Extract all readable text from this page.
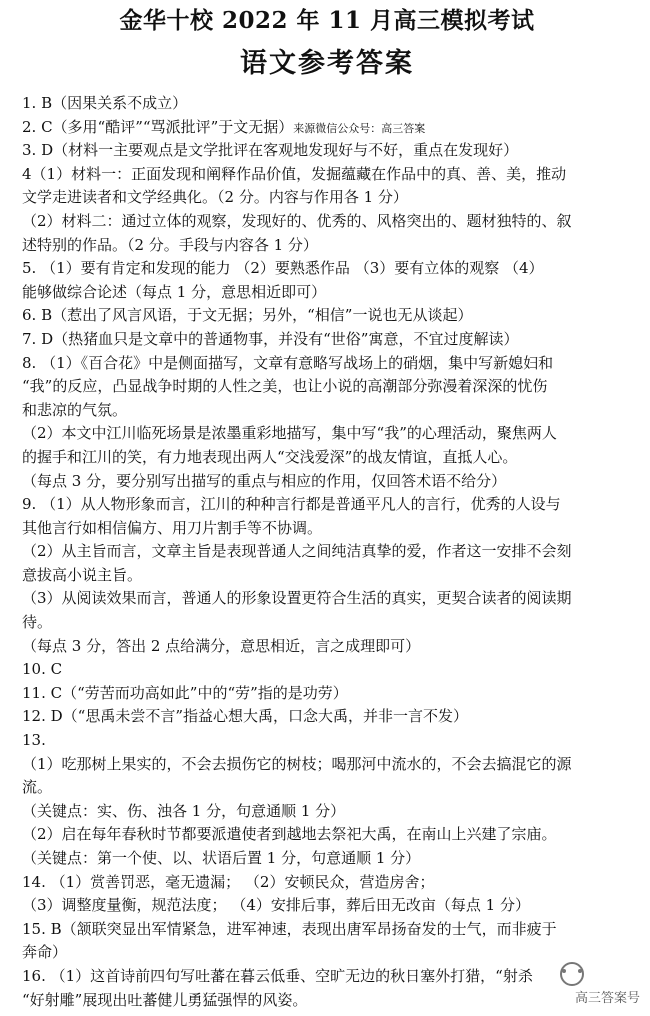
金华十校 2022 年 11 月高三模拟考试
语文参考答案
1. B（因果关系不成立）
2. C（多用“酷评”“骂派批评”于文无据）来源微信公众号：高三答案
3. D（材料一主要观点是文学批评在客观地发现好与不好，重点在发现好）
4（1）材料一：正面发现和阐释作品价值，发掘蕴藏在作品中的真、善、美，推动
文学走进读者和文学经典化。（2 分。内容与作用各 1 分）
（2）材料二：通过立体的观察，发现好的、优秀的、风格突出的、题材独特的、叙
述特别的作品。（2 分。手段与内容各 1 分）
5. （1）要有肯定和发现的能力 （2）要熟悉作品 （3）要有立体的观察 （4）
能够做综合论述（每点 1 分，意思相近即可）
6. B（惹出了风言风语，于文无据；另外，“相信”一说也无从谈起）
7. D（热猪血只是文章中的普通物事，并没有“世俗”寓意，不宜过度解读）
8. （1）《百合花》中是侧面描写，文章有意略写战场上的硝烟，集中写新媳妇和
“我”的反应，凸显战争时期的人性之美，也让小说的高潮部分弥漫着深深的忧伤
和悲凉的气氛。
（2）本文中江川临死场景是浓墨重彩地描写，集中写“我”的心理活动，聚焦两人
的握手和江川的笑，有力地表现出两人“交浅爱深”的战友情谊，直抵人心。
（每点 3 分，要分别写出描写的重点与相应的作用，仅回答术语不给分）
9. （1）从人物形象而言，江川的种种言行都是普通平凡人的言行，优秀的人设与
其他言行如相信偏方、用刀片割手等不协调。
（2）从主旨而言，文章主旨是表现普通人之间纯洁真挚的爱，作者这一安排不会刻
意拔高小说主旨。
（3）从阅读效果而言，普通人的形象设置更符合生活的真实，更契合读者的阅读期
待。
（每点 3 分，答出 2 点给满分，意思相近，言之成理即可）
10. C
11. C（“劳苦而功高如此”中的“劳”指的是功劳）
12. D（“思禹未尝不言”指益心想大禹，口念大禹，并非一言不发）
13.
（1）吃那树上果实的，不会去损伤它的树枝；喝那河中流水的，不会去搞混它的源
流。
（关键点：实、伤、浊各 1 分，句意通顺 1 分）
（2）启在每年春秋时节都要派遣使者到越地去祭祀大禹，在南山上兴建了宗庙。
（关键点：第一个使、以、状语后置 1 分，句意通顺 1 分）
14. （1）赏善罚恶，毫无遗漏； （2）安顿民众，营造房舍；
（3）调整度量衡，规范法度； （4）安排后事，葬后田无改亩（每点 1 分）
15. B（颔联突显出军情紧急，进军神速，表现出唐军昂扬奋发的士气，而非疲于
奔命）
16. （1）这首诗前四句写吐蕃在暮云低垂、空旷无边的秋日塞外打猎，“射杀
“好射雕”展现出吐蕃健儿勇猛强悍的风姿。	高三答案号
